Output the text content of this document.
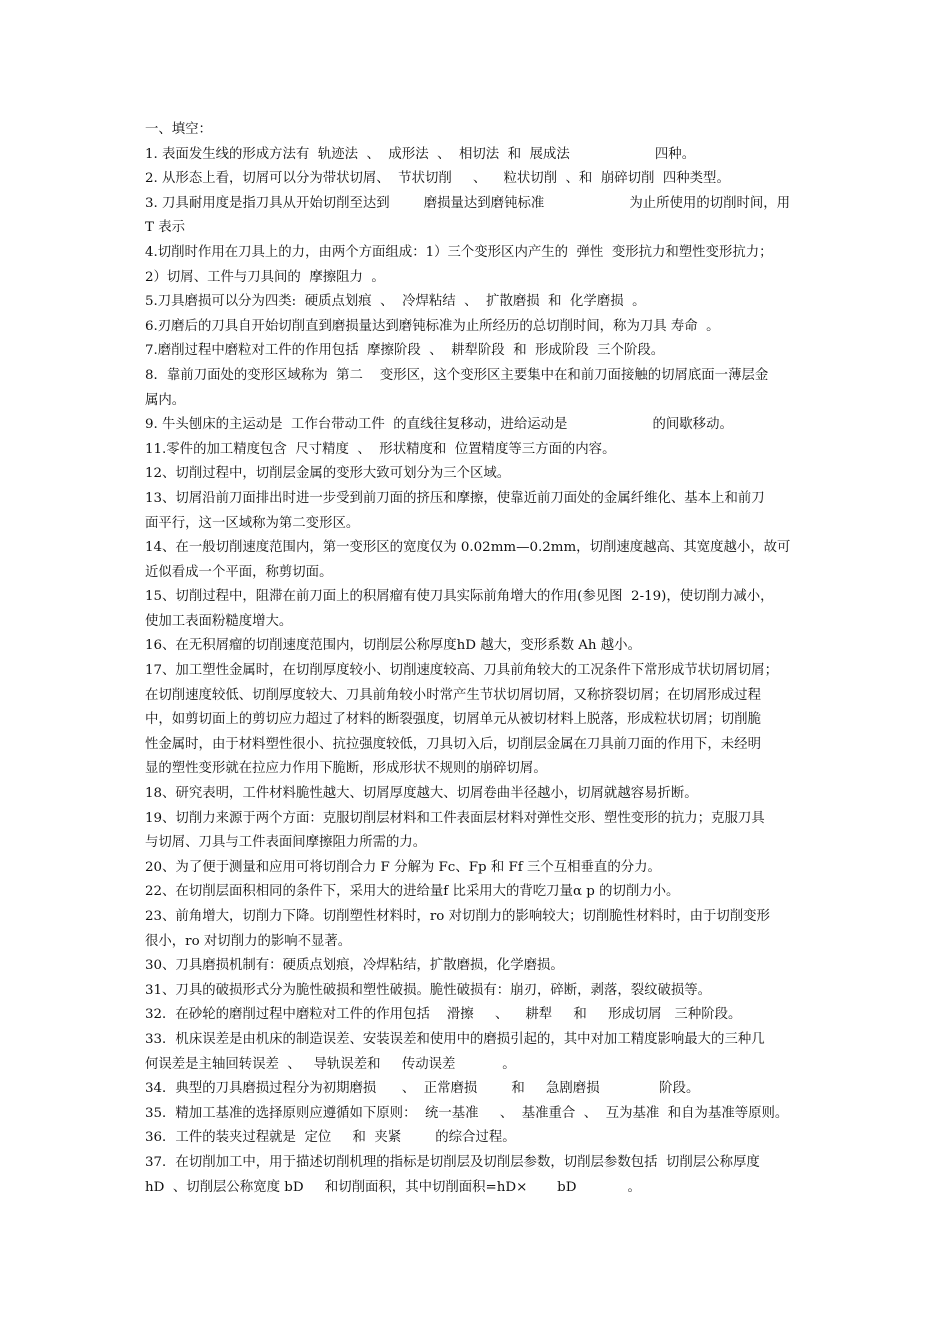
一、填空：
1. 表面发生线的形成方法有  轨迹法  、  成形法  、  相切法  和  展成法                    四种。
2. 从形态上看，切屑可以分为带状切屑、  节状切削     、    粒状切削  、和  崩碎切削  四种类型。
3. 刀具耐用度是指刀具从开始切削至达到        磨损量达到磨钝标准                    为止所使用的切削时间，用
T 表示
4.切削时作用在刀具上的力，由两个方面组成：1）三个变形区内产生的  弹性  变形抗力和塑性变形抗力；
2）切屑、工件与刀具间的  摩擦阻力  。
5.刀具磨损可以分为四类:  硬质点划痕  、  冷焊粘结  、  扩散磨损  和  化学磨损  。
6.刃磨后的刀具自开始切削直到磨损量达到磨钝标准为止所经历的总切削时间，称为刀具 寿命  。
7.磨削过程中磨粒对工件的作用包括  摩擦阶段  、  耕犁阶段  和  形成阶段  三个阶段。
8．靠前刀面处的变形区域称为  第二    变形区，这个变形区主要集中在和前刀面接触的切屑底面一薄层金
属内。
9. 牛头刨床的主运动是  工作台带动工件  的直线往复移动，进给运动是                    的间歇移动。
11.零件的加工精度包含  尺寸精度  、  形状精度和  位置精度等三方面的内容。
12、切削过程中，切削层金属的变形大致可划分为三个区域。
13、切屑沿前刀面排出时进一步受到前刀面的挤压和摩擦，使靠近前刀面处的金属纤维化、基本上和前刀
面平行，这一区域称为第二变形区。
14、在一般切削速度范围内，第一变形区的宽度仅为 0.02mm—0.2mm，切削速度越高、其宽度越小，故可
近似看成一个平面，称剪切面。
15、切削过程中，阻滞在前刀面上的积屑瘤有使刀具实际前角增大的作用(参见图  2-19)，使切削力减小，
使加工表面粉糙度增大。
16、在无积屑瘤的切削速度范围内，切削层公称厚度hD 越大，变形系数 Ah 越小。
17、加工塑性金属时，在切削厚度较小、切削速度较高、刀具前角较大的工况条件下常形成节状切屑切屑；
在切削速度较低、切削厚度较大、刀具前角较小时常产生节状切屑切屑，又称挤裂切屑；在切屑形成过程
中，如剪切面上的剪切应力超过了材料的断裂强度，切屑单元从被切材料上脱落，形成粒状切屑；切削脆
性金属时，由于材料塑性很小、抗拉强度较低，刀具切入后，切削层金属在刀具前刀面的作用下，未经明
显的塑性变形就在拉应力作用下脆断，形成形状不规则的崩碎切屑。
18、研究表明，工件材料脆性越大、切屑厚度越大、切屑卷曲半径越小，切屑就越容易折断。
19、切削力来源于两个方面：克服切削层材料和工件表面层材料对弹性交形、塑性变形的抗力；克服刀具
与切屑、刀具与工件表面间摩擦阻力所需的力。
20、为了便于测量和应用可将切削合力 F 分解为 Fc、Fp 和 Ff 三个互相垂直的分力。
22、在切削层面积相同的条件下，采用大的进给量f 比采用大的背吃刀量α p 的切削力小。
23、前角增大，切削力下降。切削塑性材料时，ro 对切削力的影响较大；切削脆性材料时，由于切削变形
很小，ro 对切削力的影响不显著。
30、刀具磨损机制有：硬质点划痕，冷焊粘结，扩散磨损，化学磨损。
31、刀具的破损形式分为脆性破损和塑性破损。脆性破损有：崩刃，碎断，剥落，裂纹破损等。
32．在砂轮的磨削过程中磨粒对工件的作用包括    滑擦     、    耕犁     和     形成切屑   三种阶段。
33．机床误差是由机床的制造误差、安装误差和使用中的磨损引起的，其中对加工精度影响最大的三种几
何误差是主轴回转误差  、   导轨误差和     传动误差           。
34．典型的刀具磨损过程分为初期磨损      、  正常磨损        和     急剧磨损              阶段。
35．精加工基准的选择原则应遵循如下原则：  统一基准     、  基准重合  、  互为基准  和自为基准等原则。
36．工件的装夹过程就是  定位     和  夹紧        的综合过程。
37．在切削加工中，用于描述切削机理的指标是切削层及切削层参数，切削层参数包括  切削层公称厚度
hD  、切削层公称宽度 bD     和切削面积，其中切削面积=hD×       bD            。
